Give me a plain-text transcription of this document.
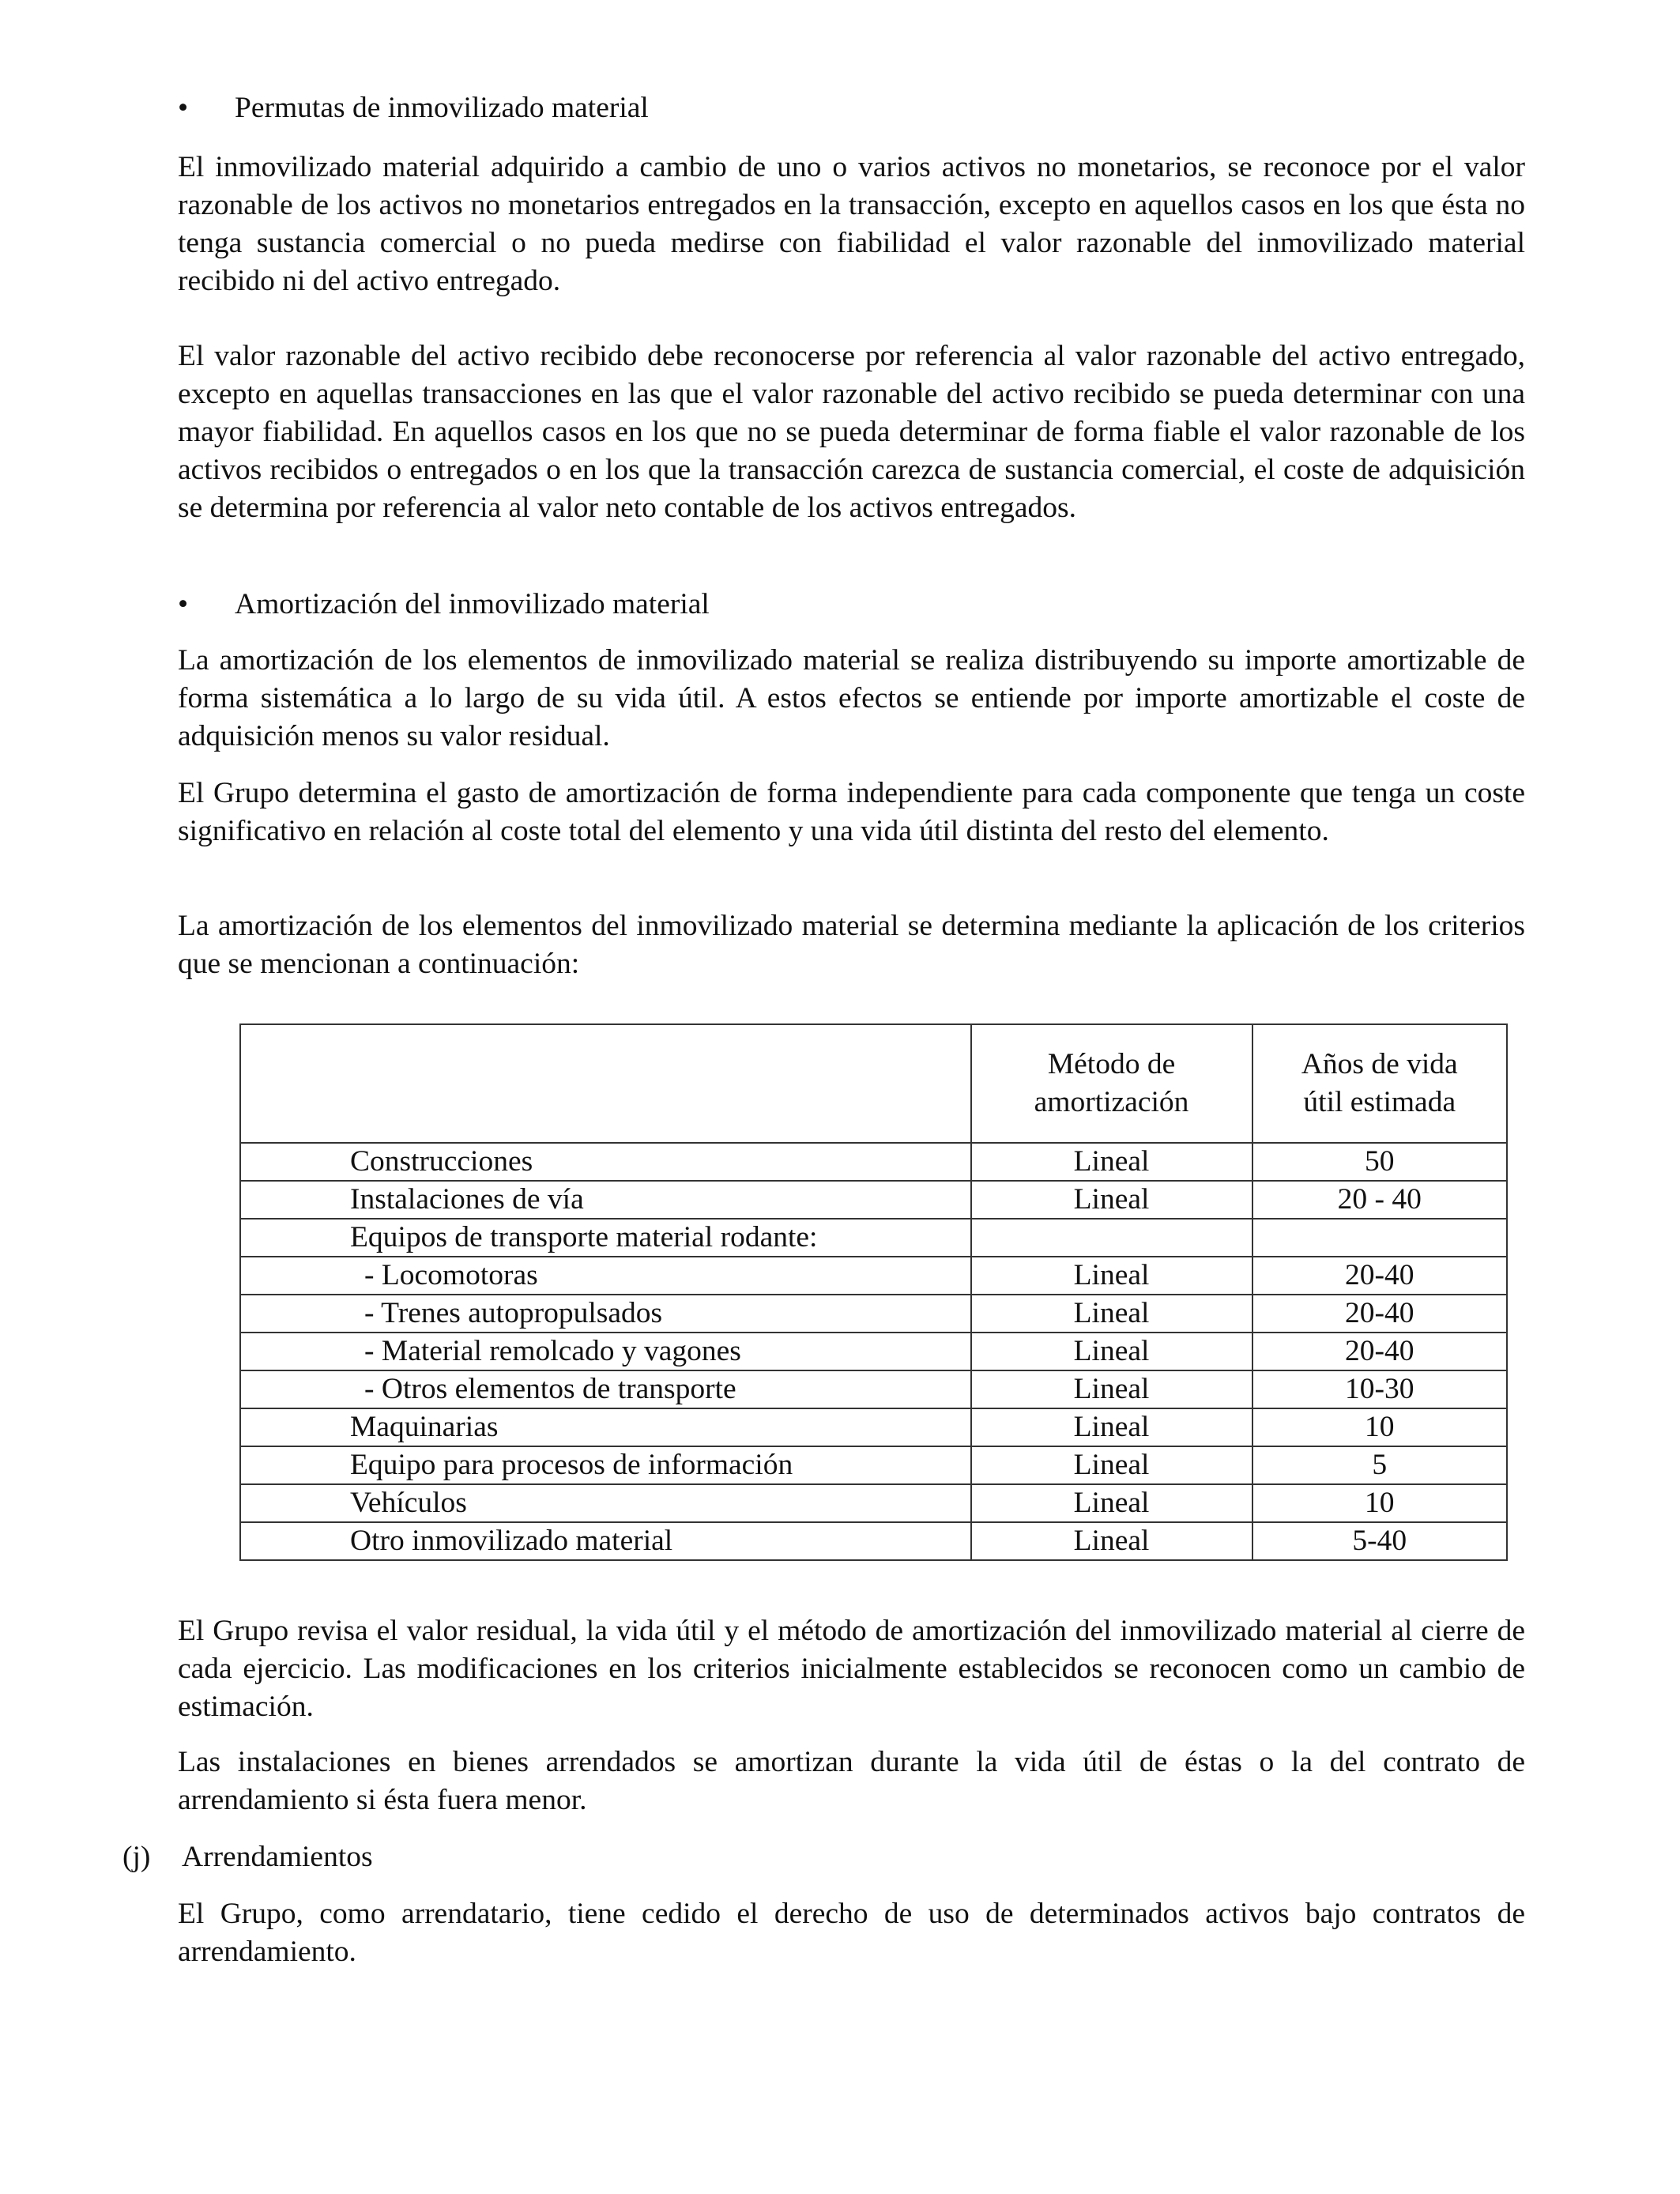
• Permutas de inmovilizado material

El inmovilizado material adquirido a cambio de uno o varios activos no monetarios, se reconoce por el valor razonable de los activos no monetarios entregados en la transacción, excepto en aquellos casos en los que ésta no tenga sustancia comercial o no pueda medirse con fiabilidad el valor razonable del inmovilizado material recibido ni del activo entregado.

El valor razonable del activo recibido debe reconocerse por referencia al valor razonable del activo entregado, excepto en aquellas transacciones en las que el valor razonable del activo recibido se pueda determinar con una mayor fiabilidad. En aquellos casos en los que no se pueda determinar de forma fiable el valor razonable de los activos recibidos o entregados o en los que la transacción carezca de sustancia comercial, el coste de adquisición se determina por referencia al valor neto contable de los activos entregados.

• Amortización del inmovilizado material

La amortización de los elementos de inmovilizado material se realiza distribuyendo su importe amortizable de forma sistemática a lo largo de su vida útil. A estos efectos se entiende por importe amortizable el coste de adquisición menos su valor residual.

El Grupo determina el gasto de amortización de forma independiente para cada componente que tenga un coste significativo en relación al coste total del elemento y una vida útil distinta del resto del elemento.

La amortización de los elementos del inmovilizado material se determina mediante la aplicación de los criterios que se mencionan a continuación:

	Método de
amortización	Años de vida
útil estimada

Construcciones	Lineal	50
Instalaciones de vía	Lineal	20 - 40
Equipos de transporte material rodante:		
- Locomotoras	Lineal	20-40
- Trenes autopropulsados	Lineal	20-40
- Material remolcado y vagones	Lineal	20-40
- Otros elementos de transporte	Lineal	10-30
Maquinarias	Lineal	10
Equipo para procesos de información	Lineal	5
Vehículos	Lineal	10
Otro inmovilizado material	Lineal	5-40

El Grupo revisa el valor residual, la vida útil y el método de amortización del inmovilizado material al cierre de cada ejercicio. Las modificaciones en los criterios inicialmente establecidos se reconocen como un cambio de estimación.

Las instalaciones en bienes arrendados se amortizan durante la vida útil de éstas o la del contrato de arrendamiento si ésta fuera menor.

(j) Arrendamientos

El Grupo, como arrendatario, tiene cedido el derecho de uso de determinados activos bajo contratos de arrendamiento.
